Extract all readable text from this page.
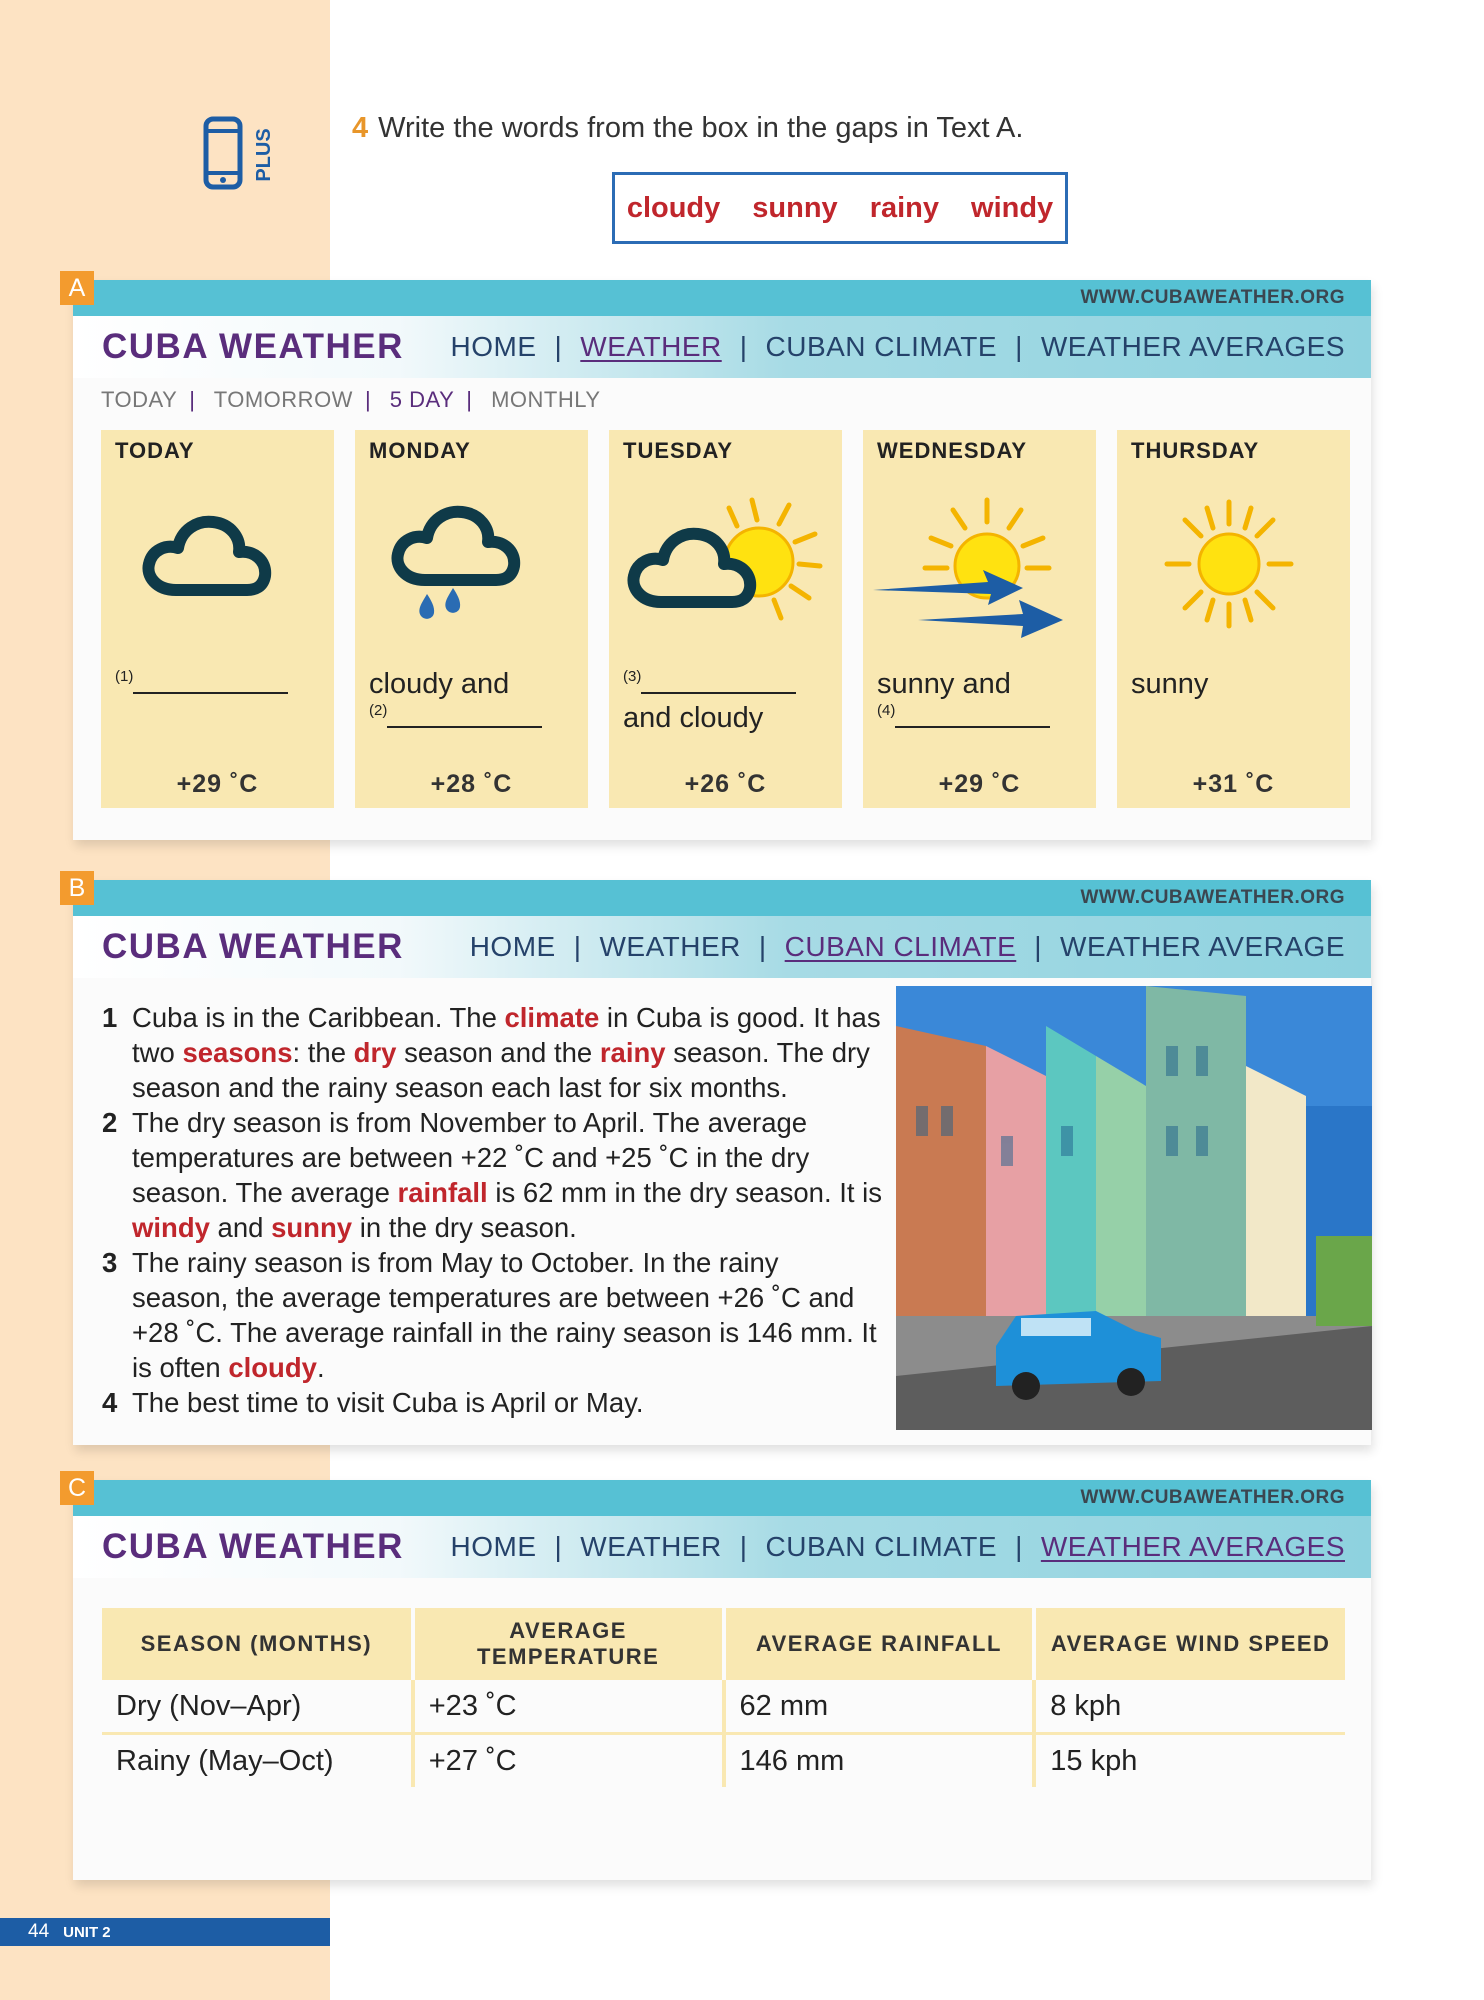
PLUS
4 Write the words from the box in the gaps in Text A.
cloudy sunny rainy windy
A	WWW.CUBAWEATHER.ORG
CUBA WEATHER HOME | WEATHER | CUBAN CLIMATE | WEATHER AVERAGES
TODAY | TOMORROW | 5 DAY | MONTHLY
TODAY
$^{(1)}$
+29 ˚C
MONDAY
cloudy and
$^{(2)}$
+28 ˚C
TUESDAY
$^{(3)}$
and cloudy
+26 ˚C
WEDNESDAY
sunny and
$^{(4)}$
+29 ˚C
THURSDAY
sunny
+31 ˚C
B	WWW.CUBAWEATHER.ORG
CUBA WEATHER HOME | WEATHER | CUBAN CLIMATE | WEATHER AVERAGE
1 Cuba is in the Caribbean. The climate in Cuba is good. It has two seasons: the dry season and the rainy season. The dry season and the rainy season each last for six months.
2 The dry season is from November to April. The average temperatures are between +22 ˚C and +25 ˚C in the dry season. The average rainfall is 62 mm in the dry season. It is windy and sunny in the dry season.
3 The rainy season is from May to October. In the rainy season, the average temperatures are between +26 ˚C and +28 ˚C. The average rainfall in the rainy season is 146 mm. It is often cloudy.
4 The best time to visit Cuba is April or May.
C	WWW.CUBAWEATHER.ORG
CUBA WEATHER HOME | WEATHER | CUBAN CLIMATE | WEATHER AVERAGES
SEASON (MONTHS)	AVERAGE TEMPERATURE	AVERAGE RAINFALL	AVERAGE WIND SPEED
Dry (Nov–Apr)	+23 ˚C	62 mm	8 kph
Rainy (May–Oct)	+27 ˚C	146 mm	15 kph
44 UNIT 2
